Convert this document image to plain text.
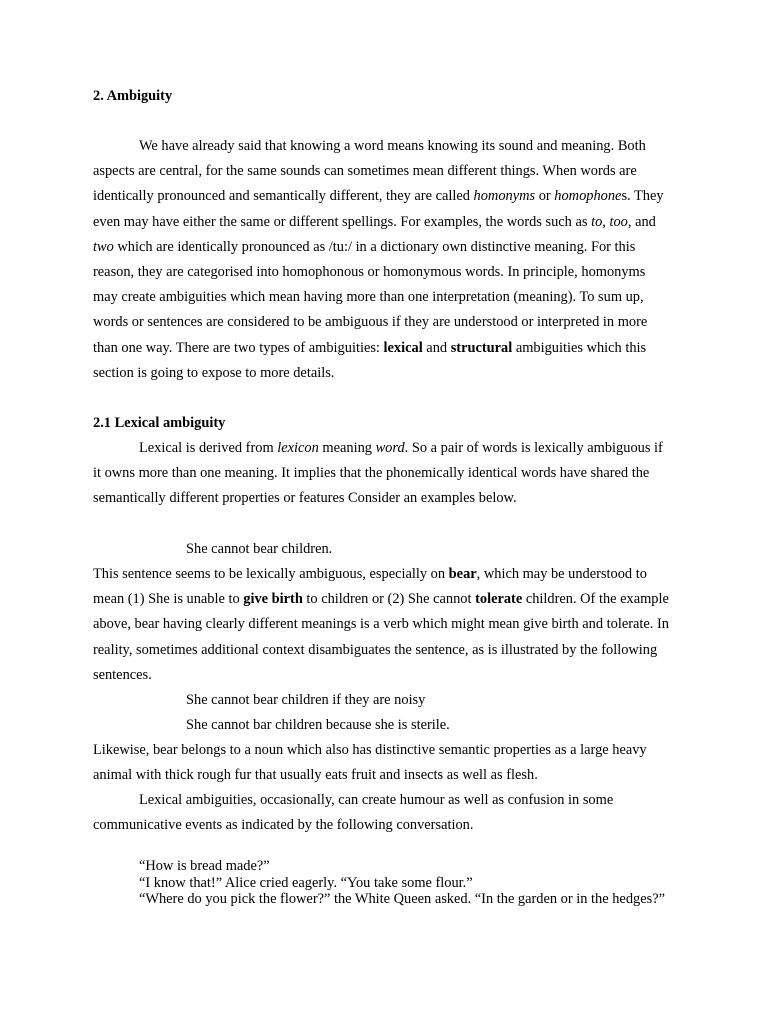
2. Ambiguity
We have already said that knowing a word means knowing its sound and meaning. Both aspects are central, for the same sounds can sometimes mean different things. When words are identically pronounced and semantically different, they are called homonyms or homophones. They even may have either the same or different spellings. For examples, the words such as to, too, and two which are identically pronounced as /tu:/ in a dictionary own distinctive meaning. For this reason, they are categorised into homophonous or homonymous words. In principle, homonyms may create ambiguities which mean having more than one interpretation (meaning). To sum up, words or sentences are considered to be ambiguous if they are understood or interpreted in more than one way. There are two types of ambiguities: lexical and structural ambiguities which this section is going to expose to more details.
2.1 Lexical ambiguity
Lexical is derived from lexicon meaning word. So a pair of words is lexically ambiguous if it owns more than one meaning. It implies that the phonemically identical words have shared the semantically different properties or features Consider an examples below.
She cannot bear children.
This sentence seems to be lexically ambiguous, especially on bear, which may be understood to mean (1) She is unable to give birth to children or (2) She cannot tolerate children. Of the example above, bear having clearly different meanings is a verb which might mean give birth and tolerate. In reality, sometimes additional context disambiguates the sentence, as is illustrated by the following sentences.
She cannot bear children if they are noisy
She cannot bar children because she is sterile.
Likewise, bear belongs to a noun which also has distinctive semantic properties as a large heavy animal with thick rough fur that usually eats fruit and insects as well as flesh.
Lexical ambiguities, occasionally, can create humour as well as confusion in some communicative events as indicated by the following conversation.
“How is bread made?”
“I know that!” Alice cried eagerly. “You take some flour.”
“Where do you pick the flower?” the White Queen asked. “In the garden or in the hedges?”
